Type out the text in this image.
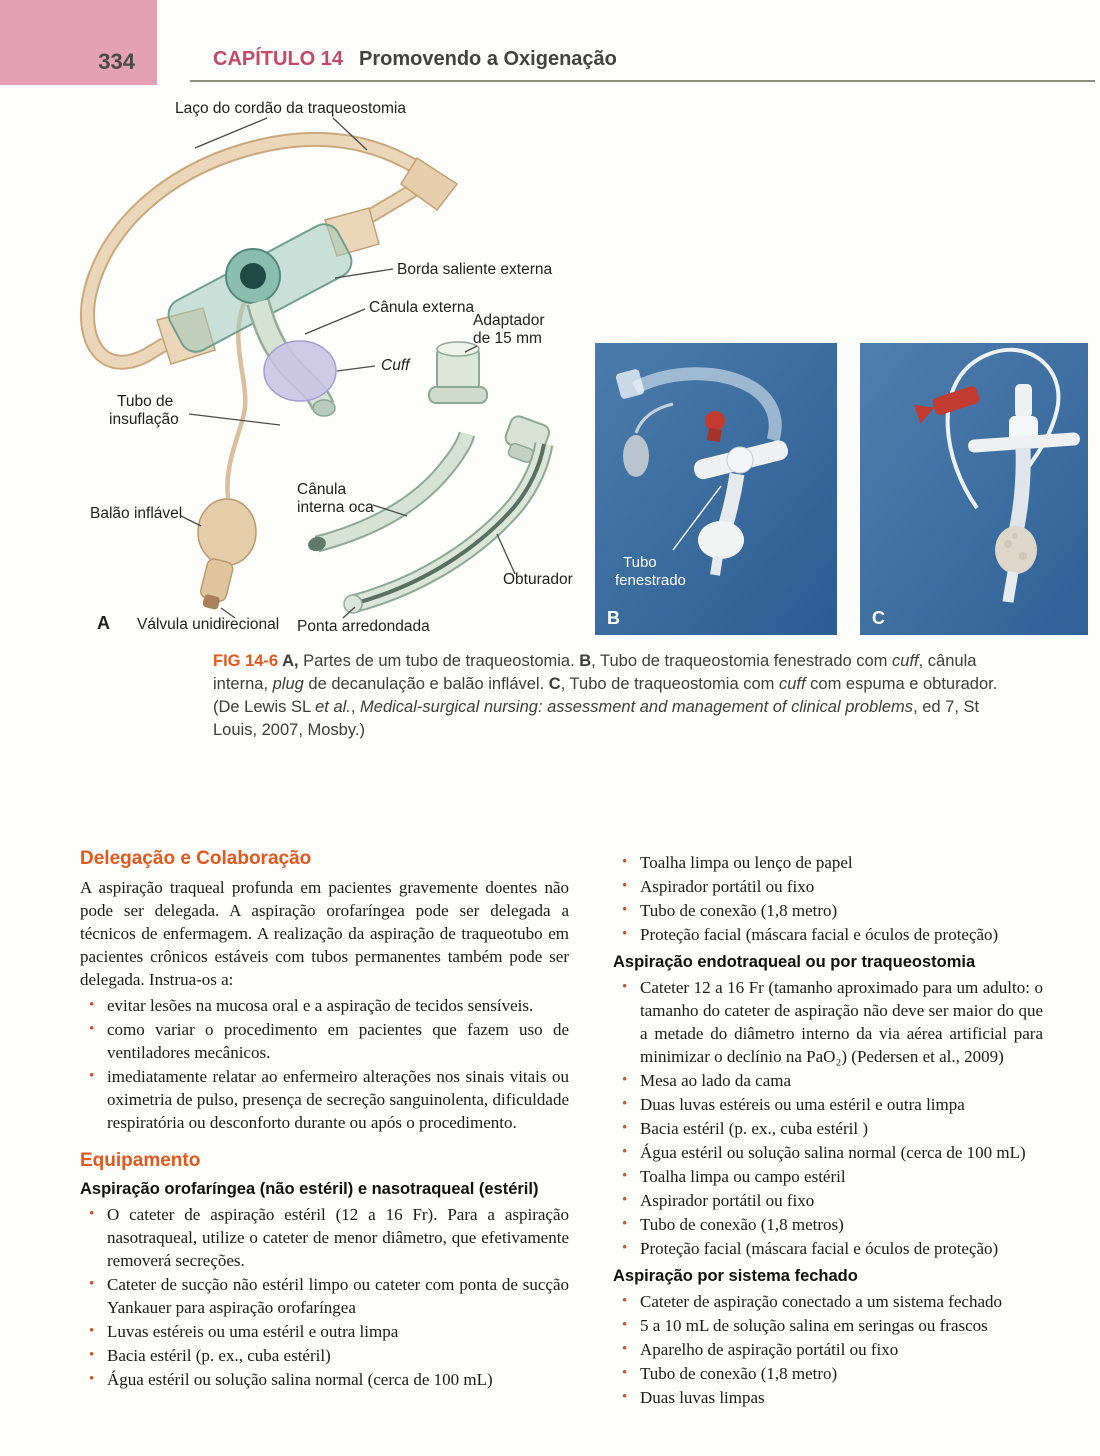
334	CAPÍTULO 14 Promovendo a Oxigenação
Laço do cordão da traqueostomia
Borda saliente externa
Cânula externa
Adaptador
de 15 mm
Cuff
Tubo de
insuflação
Cânula
interna oca
Balão inflável
Obturador
A Válvula unidirecional Ponta arredondada
Tubo
fenestrado
B	C

FIG 14-6 A, Partes de um tubo de traqueostomia. B, Tubo de traqueostomia fenestrado com cuff, cânula interna, plug de decanulação e balão inflável. C, Tubo de traqueostomia com cuff com espuma e obturador. (De Lewis SL et al., Medical-surgical nursing: assessment and management of clinical problems, ed 7, St Louis, 2007, Mosby.)

Delegação e Colaboração

A aspiração traqueal profunda em pacientes gravemente doentes não pode ser delegada. A aspiração orofaríngea pode ser delegada a técnicos de enfermagem. A realização da aspiração de traqueotubo em pacientes crônicos estáveis com tubos permanentes também pode ser delegada. Instrua-os a:

• evitar lesões na mucosa oral e a aspiração de tecidos sensíveis.
• como variar o procedimento em pacientes que fazem uso de ventiladores mecânicos.
• imediatamente relatar ao enfermeiro alterações nos sinais vitais ou oximetria de pulso, presença de secreção sanguinolenta, dificuldade respiratória ou desconforto durante ou após o procedimento.
Equipamento
Aspiração orofaríngea (não estéril) e nasotraqueal (estéril)
• O cateter de aspiração estéril (12 a 16 Fr). Para a aspiração nasotraqueal, utilize o cateter de menor diâmetro, que efetivamente removerá secreções.
• Cateter de sucção não estéril limpo ou cateter com ponta de sucção Yankauer para aspiração orofaríngea
• Luvas estéreis ou uma estéril e outra limpa
• Bacia estéril (p. ex., cuba estéril)
• Água estéril ou solução salina normal (cerca de 100 mL)
• Toalha limpa ou lenço de papel
• Aspirador portátil ou fixo
• Tubo de conexão (1,8 metro)
• Proteção facial (máscara facial e óculos de proteção)
Aspiração endotraqueal ou por traqueostomia
• Cateter 12 a 16 Fr (tamanho aproximado para um adulto: o tamanho do cateter de aspiração não deve ser maior do que a metade do diâmetro interno da via aérea artificial para minimizar o declínio na PaO₂) (Pedersen et al., 2009)
• Mesa ao lado da cama
• Duas luvas estéreis ou uma estéril e outra limpa
• Bacia estéril (p. ex., cuba estéril )
• Água estéril ou solução salina normal (cerca de 100 mL)
• Toalha limpa ou campo estéril
• Aspirador portátil ou fixo
• Tubo de conexão (1,8 metros)
• Proteção facial (máscara facial e óculos de proteção)
Aspiração por sistema fechado
• Cateter de aspiração conectado a um sistema fechado
• 5 a 10 mL de solução salina em seringas ou frascos
• Aparelho de aspiração portátil ou fixo
• Tubo de conexão (1,8 metro)
• Duas luvas limpas
